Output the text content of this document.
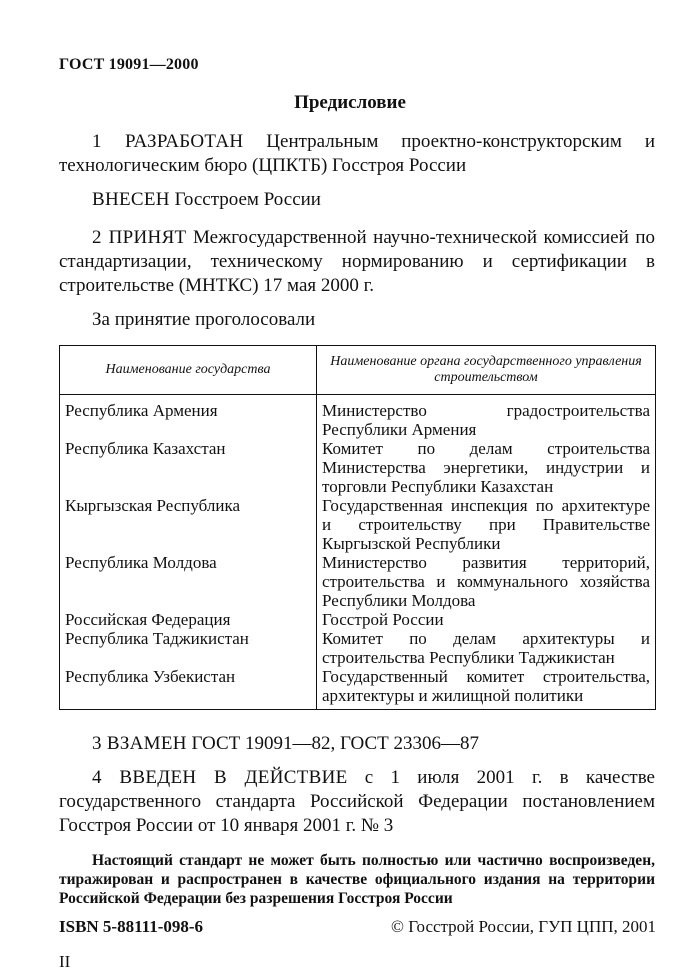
ГОСТ 19091—2000
Предисловие
1 РАЗРАБОТАН Центральным проектно-конструкторским и технологическим бюро (ЦПКТБ) Госстроя России
ВНЕСЕН Госстроем России
2 ПРИНЯТ Межгосударственной научно-технической комиссией по стандартизации, техническому нормированию и сертификации в строительстве (МНТКС) 17 мая 2000 г.
За принятие проголосовали
Наименование государства	Наименование органа государственного управления строительством
Республика Армения	Министерство градостроительства Республики Армения
Республика Казахстан	Комитет по делам строительства Министерства энергетики, индустрии и торговли Республики Казахстан
Кыргызская Республика	Государственная инспекция по архитектуре и строительству при Правительстве Кыргызской Республики
Республика Молдова	Министерство развития территорий, строительства и коммунального хозяйства Республики Молдова
Российская Федерация	Госстрой России
Республика Таджикистан	Комитет по делам архитектуры и строительства Республики Таджикистан
Республика Узбекистан	Государственный комитет строительства, архитектуры и жилищной политики
3 ВЗАМЕН ГОСТ 19091—82, ГОСТ 23306—87
4 ВВЕДЕН В ДЕЙСТВИЕ с 1 июля 2001 г. в качестве государственного стандарта Российской Федерации постановлением Госстроя России от 10 января 2001 г. № 3
Настоящий стандарт не может быть полностью или частично воспроизведен, тиражирован и распространен в качестве официального издания на территории Российской Федерации без разрешения Госстроя России
ISBN 5-88111-098-6	© Госстрой России, ГУП ЦПП, 2001
II
